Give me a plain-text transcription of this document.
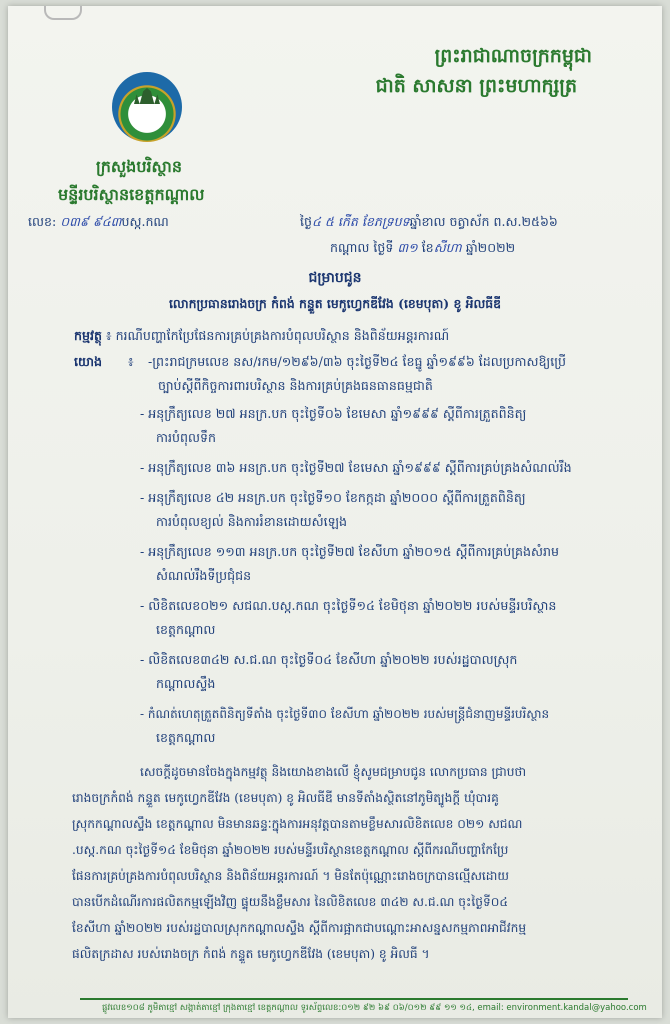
ព្រះរាជាណាចក្រកម្ពុជា
ជាតិ សាសនា ព្រះមហាក្សត្រ
ក្រសួងបរិស្ថាន
មន្ទីរបរិស្ថានខេត្តកណ្ដាល
លេខ: ០៣៩ ៩៤៣បស្ក.កណ	ថ្ងៃ៤ ៥ កើត ខែភទ្របទឆ្នាំខាល ចត្វាស័ក ព.ស.២៥៦៦
កណ្ដាល ថ្ងៃទី ៣១ ខែសីហា ឆ្នាំ២០២២
ជម្រាបជូន
លោកប្រធានរោងចក្រ កំពង់ កន្ទួត មេកូហ្វេកឌីវែង (ខេមបុតា) ខូ អិលធីឌី
កម្មវត្ថុ ៖ ករណីបញ្ហាកែប្រែផែនការគ្រប់គ្រងការបំពុលបរិស្ថាន និងពិន័យអន្តរការណ៍
យោង ៖ -ព្រះរាជក្រមលេខ នស/រកម/១២៩៦/៣៦ ចុះថ្ងៃទី២៤ ខែធ្នូ ឆ្នាំ១៩៩៦ ដែលប្រកាសឱ្យប្រើ
ច្បាប់ស្ដីពីកិច្ចការពារបរិស្ថាន និងការគ្រប់គ្រងធនធានធម្មជាតិ
- អនុក្រឹត្យលេខ ២៧ អនក្រ.បក ចុះថ្ងៃទី០៦ ខែមេសា ឆ្នាំ១៩៩៩ ស្ដីពីការត្រួតពិនិត្យ
ការបំពុលទឹក
- អនុក្រឹត្យលេខ ៣៦ អនក្រ.បក ចុះថ្ងៃទី២៧ ខែមេសា ឆ្នាំ១៩៩៩ ស្ដីពីការគ្រប់គ្រងសំណល់រឹង
- អនុក្រឹត្យលេខ ៤២ អនក្រ.បក ចុះថ្ងៃទី១០ ខែកក្កដា ឆ្នាំ២០០០ ស្ដីពីការត្រួតពិនិត្យ
ការបំពុលខ្យល់ និងការរំខានដោយសំឡេង
- អនុក្រឹត្យលេខ ១១៣ អនក្រ.បក ចុះថ្ងៃទី២៧ ខែសីហា ឆ្នាំ២០១៥ ស្ដីពីការគ្រប់គ្រងសំរាម
សំណល់រឹងទីប្រជុំជន
- លិខិតលេខ០២១ សជណ.បស្ក.កណ ចុះថ្ងៃទី១៤ ខែមិថុនា ឆ្នាំ២០២២ របស់មន្ទីរបរិស្ថាន
ខេត្តកណ្ដាល
- លិខិតលេខ៣៤២ ស.ជ.ណ ចុះថ្ងៃទី០៤ ខែសីហា ឆ្នាំ២០២២ របស់រដ្ឋបាលស្រុក
កណ្ដាលស្ទឹង
- កំណត់ហេតុត្រួតពិនិត្យទីតាំង ចុះថ្ងៃទី៣០ ខែសីហា ឆ្នាំ២០២២ របស់មន្ត្រីជំនាញមន្ទីរបរិស្ថាន
ខេត្តកណ្ដាល
សេចក្ដីដូចមានចែងក្នុងកម្មវត្ថុ និងយោងខាងលើ ខ្ញុំសូមជម្រាបជូន លោកប្រធាន ជ្រាបថា
រោងចក្រកំពង់ កន្ទួត មេកូហ្វេកឌីវែង (ខេមបុតា) ខូ អិលធីឌី មានទីតាំងស្ថិតនៅភូមិត្បូងក្ដី ឃុំបារគូ
ស្រុកកណ្ដាលស្ទឹង ខេត្តកណ្ដាល មិនមានឆន្ទៈក្នុងការអនុវត្តបានតាមខ្លឹមសារលិខិតលេខ ០២១ សជណ
.បស្ក.កណ ចុះថ្ងៃទី១៤ ខែមិថុនា ឆ្នាំ២០២២ របស់មន្ទីរបរិស្ថានខេត្តកណ្ដាល ស្ដីពីករណីបញ្ហាកែប្រែ
ផែនការគ្រប់គ្រងការបំពុលបរិស្ថាន និងពិន័យអន្តរការណ៍ ។ មិនតែប៉ុណ្ណោះរោងចក្របានល្មើសដោយ
បានបើកដំណើរការផលិតកម្មឡើងវិញ ផ្ទុយនឹងខ្លឹមសារ នៃលិខិតលេខ ៣៤២ ស.ជ.ណ ចុះថ្ងៃទី០៤
ខែសីហា ឆ្នាំ២០២២ របស់រដ្ឋបាលស្រុកកណ្ដាលស្ទឹង ស្ដីពីការផ្អាកជាបណ្ដោះអាសន្នសកម្មភាពអាជីវកម្ម
ផលិតក្រដាស របស់រោងចក្រ កំពង់ កន្ទួត មេកូហ្វេកឌីវែង (ខេមបុតា) ខូ អិលធី ។
ផ្លូវលេខ១០៨ ភូមិតាខ្មៅ សង្កាត់តាខ្មៅ ក្រុងតាខ្មៅ ខេត្តកណ្ដាល ទូរស័ព្ទលេខ:០១២ ៩២ ៦៩ ០៦/០១២ ៩៩ ១១ ១៤, email: environment.kandal@yahoo.com
